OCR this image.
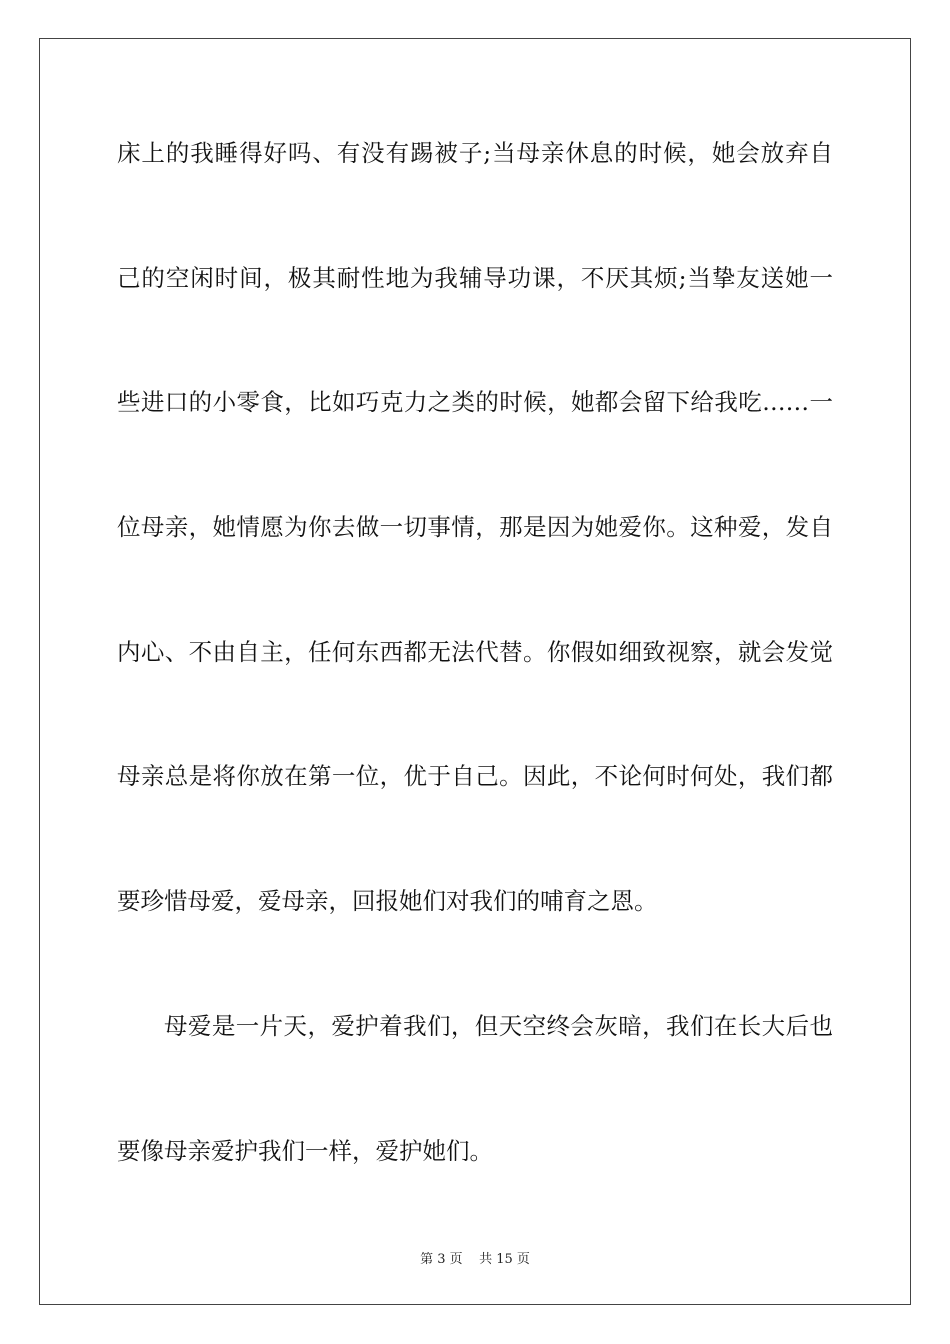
床上的我睡得好吗、有没有踢被子;当母亲休息的时候，她会放弃自
己的空闲时间，极其耐性地为我辅导功课，不厌其烦;当挚友送她一
些进口的小零食，比如巧克力之类的时候，她都会留下给我吃……一
位母亲，她情愿为你去做一切事情，那是因为她爱你。这种爱，发自
内心、不由自主，任何东西都无法代替。你假如细致视察，就会发觉
母亲总是将你放在第一位，优于自己。因此，不论何时何处，我们都
要珍惜母爱，爱母亲，回报她们对我们的哺育之恩。
母爱是一片天，爱护着我们，但天空终会灰暗，我们在长大后也
要像母亲爱护我们一样，爱护她们。
第 3 页    共 15 页
